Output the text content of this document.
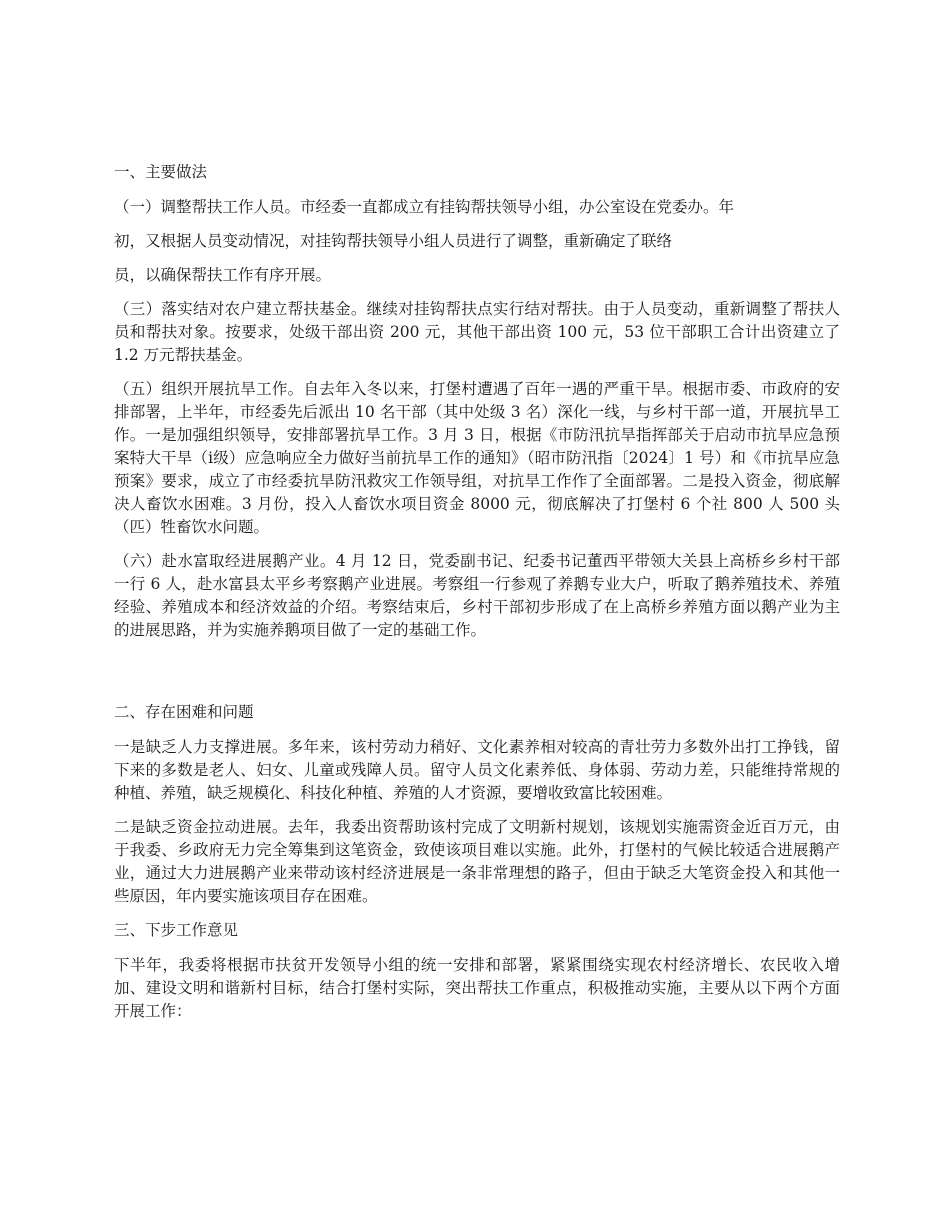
一、主要做法

（一）调整帮扶工作人员。市经委一直都成立有挂钩帮扶领导小组，办公室设在党委办。年

初，又根据人员变动情况，对挂钩帮扶领导小组人员进行了调整，重新确定了联络

员，以确保帮扶工作有序开展。

（三）落实结对农户建立帮扶基金。继续对挂钩帮扶点实行结对帮扶。由于人员变动，重新调整了帮扶人员和帮扶对象。按要求，处级干部出资 200 元，其他干部出资 100 元，53 位干部职工合计出资建立了 1.2 万元帮扶基金。

（五）组织开展抗旱工作。自去年入冬以来，打堡村遭遇了百年一遇的严重干旱。根据市委、市政府的安排部署，上半年，市经委先后派出 10 名干部（其中处级 3 名）深化一线，与乡村干部一道，开展抗旱工作。一是加强组织领导，安排部署抗旱工作。3 月 3 日，根据《市防汛抗旱指挥部关于启动市抗旱应急预案特大干旱（ⅰ级）应急响应全力做好当前抗旱工作的通知》（昭市防汛指〔2024〕1 号）和《市抗旱应急预案》要求，成立了市经委抗旱防汛救灾工作领导组，对抗旱工作作了全面部署。二是投入资金，彻底解决人畜饮水困难。3 月份，投入人畜饮水项目资金 8000 元，彻底解决了打堡村 6 个社 800 人 500 头（匹）牲畜饮水问题。

（六）赴水富取经进展鹅产业。4 月 12 日，党委副书记、纪委书记董西平带领大关县上高桥乡乡村干部一行 6 人，赴水富县太平乡考察鹅产业进展。考察组一行参观了养鹅专业大户，听取了鹅养殖技术、养殖经验、养殖成本和经济效益的介绍。考察结束后，乡村干部初步形成了在上高桥乡养殖方面以鹅产业为主的进展思路，并为实施养鹅项目做了一定的基础工作。

二、存在困难和问题

一是缺乏人力支撑进展。多年来，该村劳动力稍好、文化素养相对较高的青壮劳力多数外出打工挣钱，留下来的多数是老人、妇女、儿童或残障人员。留守人员文化素养低、身体弱、劳动力差，只能维持常规的种植、养殖，缺乏规模化、科技化种植、养殖的人才资源，要增收致富比较困难。

二是缺乏资金拉动进展。去年，我委出资帮助该村完成了文明新村规划，该规划实施需资金近百万元，由于我委、乡政府无力完全筹集到这笔资金，致使该项目难以实施。此外，打堡村的气候比较适合进展鹅产业，通过大力进展鹅产业来带动该村经济进展是一条非常理想的路子，但由于缺乏大笔资金投入和其他一些原因，年内要实施该项目存在困难。

三、下步工作意见

下半年，我委将根据市扶贫开发领导小组的统一安排和部署，紧紧围绕实现农村经济增长、农民收入增加、建设文明和谐新村目标，结合打堡村实际，突出帮扶工作重点，积极推动实施，主要从以下两个方面开展工作：
